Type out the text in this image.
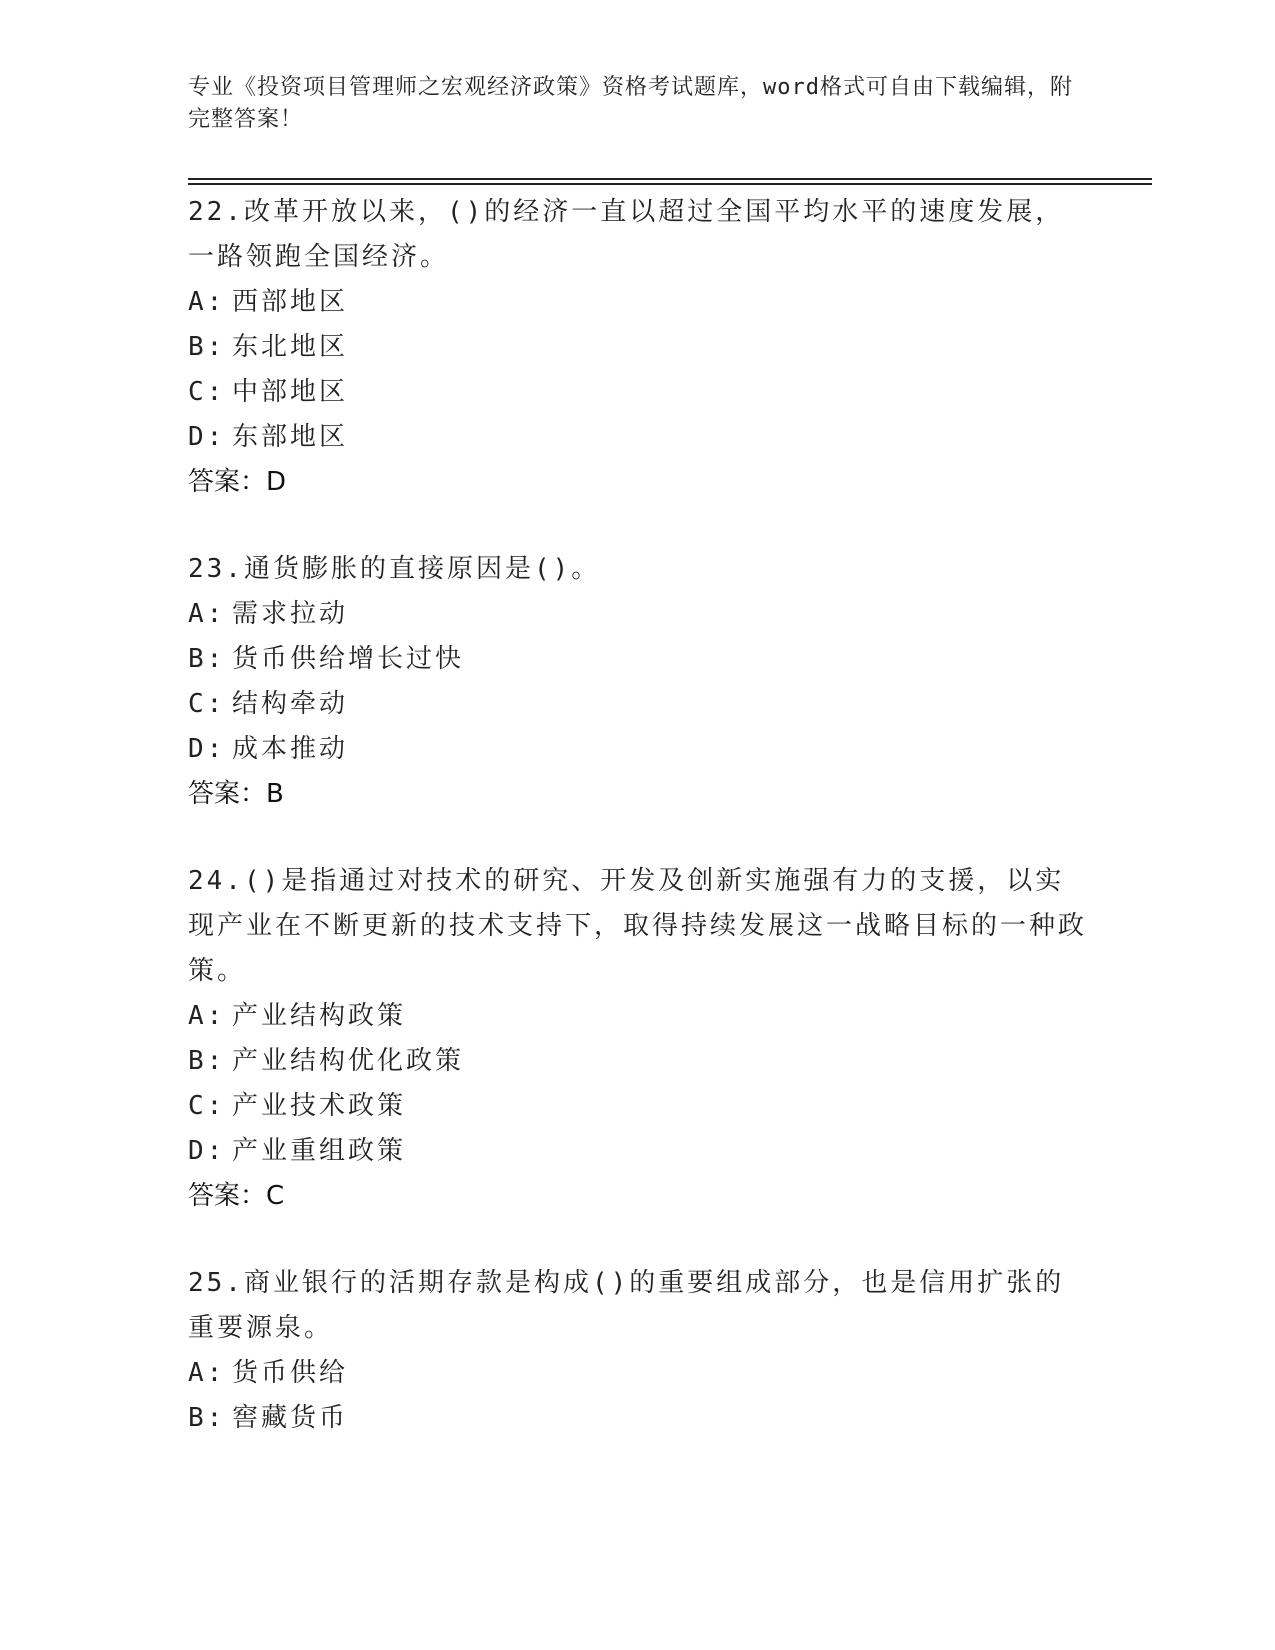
专业《投资项目管理师之宏观经济政策》资格考试题库，word格式可自由下载编辑，附完整答案！

22.改革开放以来，()的经济一直以超过全国平均水平的速度发展，一路领跑全国经济。

A: 西部地区

B: 东北地区

C: 中部地区

D: 东部地区

答案：D

23.通货膨胀的直接原因是()。

A: 需求拉动

B: 货币供给增长过快

C: 结构牵动

D: 成本推动

答案：B

24.()是指通过对技术的研究、开发及创新实施强有力的支援，以实现产业在不断更新的技术支持下，取得持续发展这一战略目标的一种政策。

A: 产业结构政策

B: 产业结构优化政策

C: 产业技术政策

D: 产业重组政策

答案：C

25.商业银行的活期存款是构成()的重要组成部分，也是信用扩张的重要源泉。

A: 货币供给

B: 窖藏货币
